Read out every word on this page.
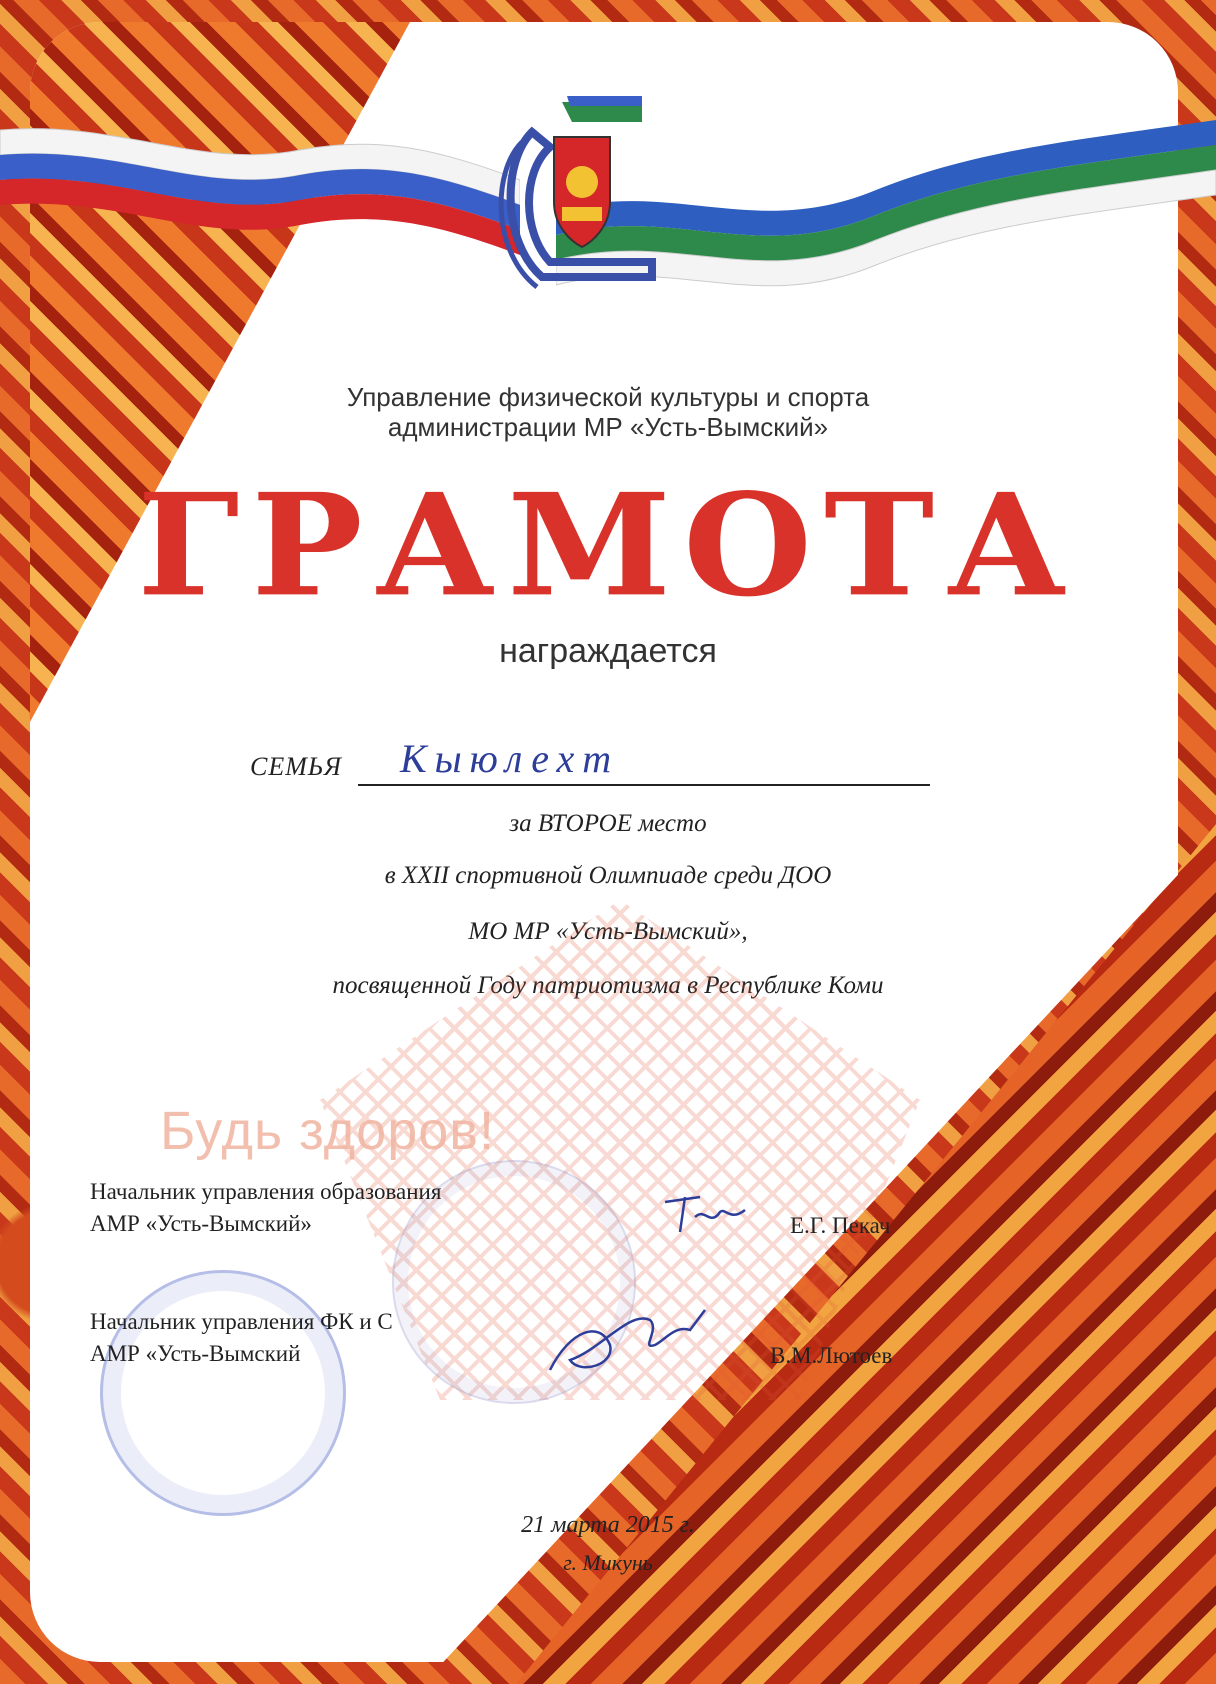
Управление физической культуры и спорта
администрации МР «Усть-Вымский»
ГРАМОТА
награждается
СЕМЬЯ Кыюлехт
за ВТОРОЕ место
в XXII спортивной Олимпиаде среди ДОО
МО МР «Усть-Вымский»,
посвященной Году патриотизма в Республике Коми
Будь здоров!
Начальник управления образования
АМР «Усть-Вымский»	Е.Г. Пекач
Начальник управления ФК и С
АМР «Усть-Вымский	В.М.Лютоев
21 марта 2015 г.
г. Микунь
